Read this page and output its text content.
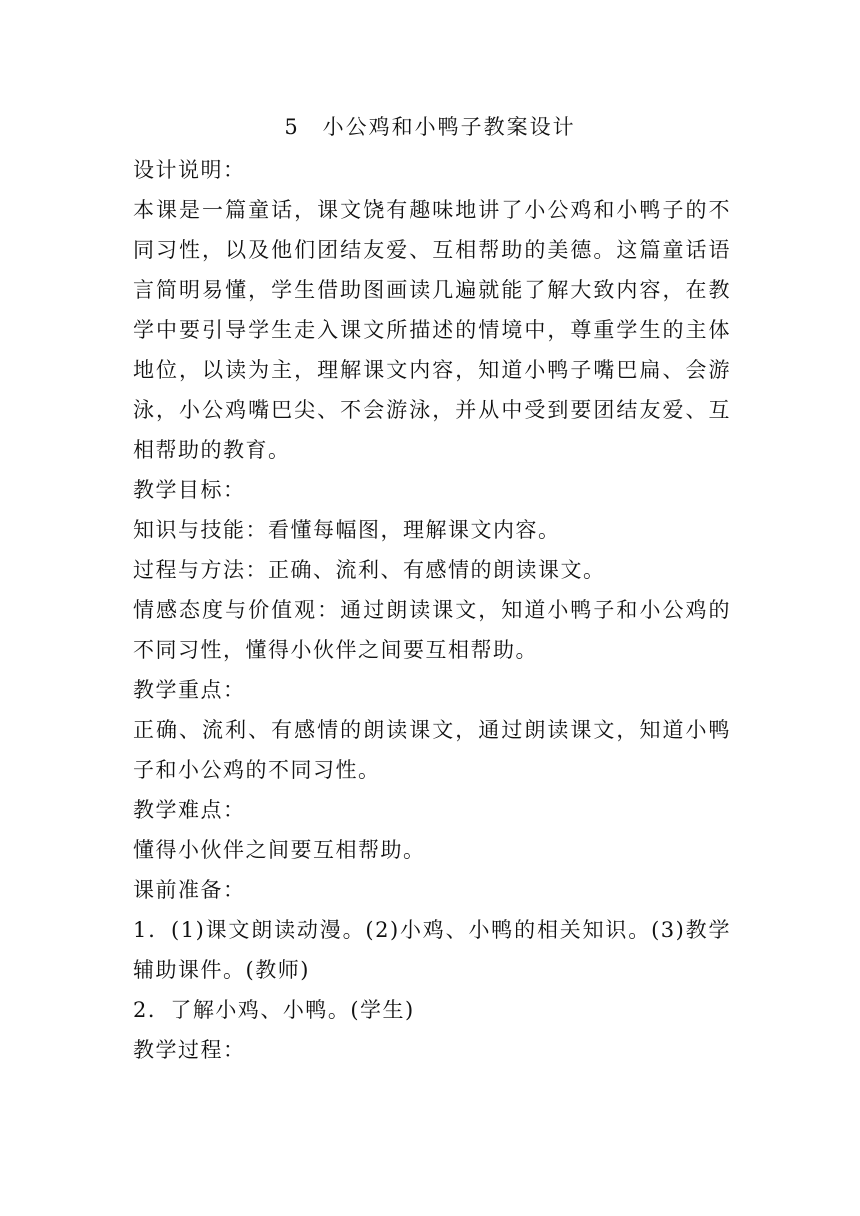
5　小公鸡和小鸭子教案设计

设计说明：

本课是一篇童话，课文饶有趣味地讲了小公鸡和小鸭子的不同习性，以及他们团结友爱、互相帮助的美德。这篇童话语言简明易懂，学生借助图画读几遍就能了解大致内容，在教学中要引导学生走入课文所描述的情境中，尊重学生的主体地位，以读为主，理解课文内容，知道小鸭子嘴巴扁、会游泳，小公鸡嘴巴尖、不会游泳，并从中受到要团结友爱、互相帮助的教育。

教学目标：

知识与技能：看懂每幅图，理解课文内容。

过程与方法：正确、流利、有感情的朗读课文。

情感态度与价值观：通过朗读课文，知道小鸭子和小公鸡的不同习性，懂得小伙伴之间要互相帮助。

教学重点：

正确、流利、有感情的朗读课文，通过朗读课文，知道小鸭子和小公鸡的不同习性。

教学难点：

懂得小伙伴之间要互相帮助。

课前准备：

1．(1)课文朗读动漫。(2)小鸡、小鸭的相关知识。(3)教学辅助课件。(教师)

2．了解小鸡、小鸭。(学生)

教学过程：
